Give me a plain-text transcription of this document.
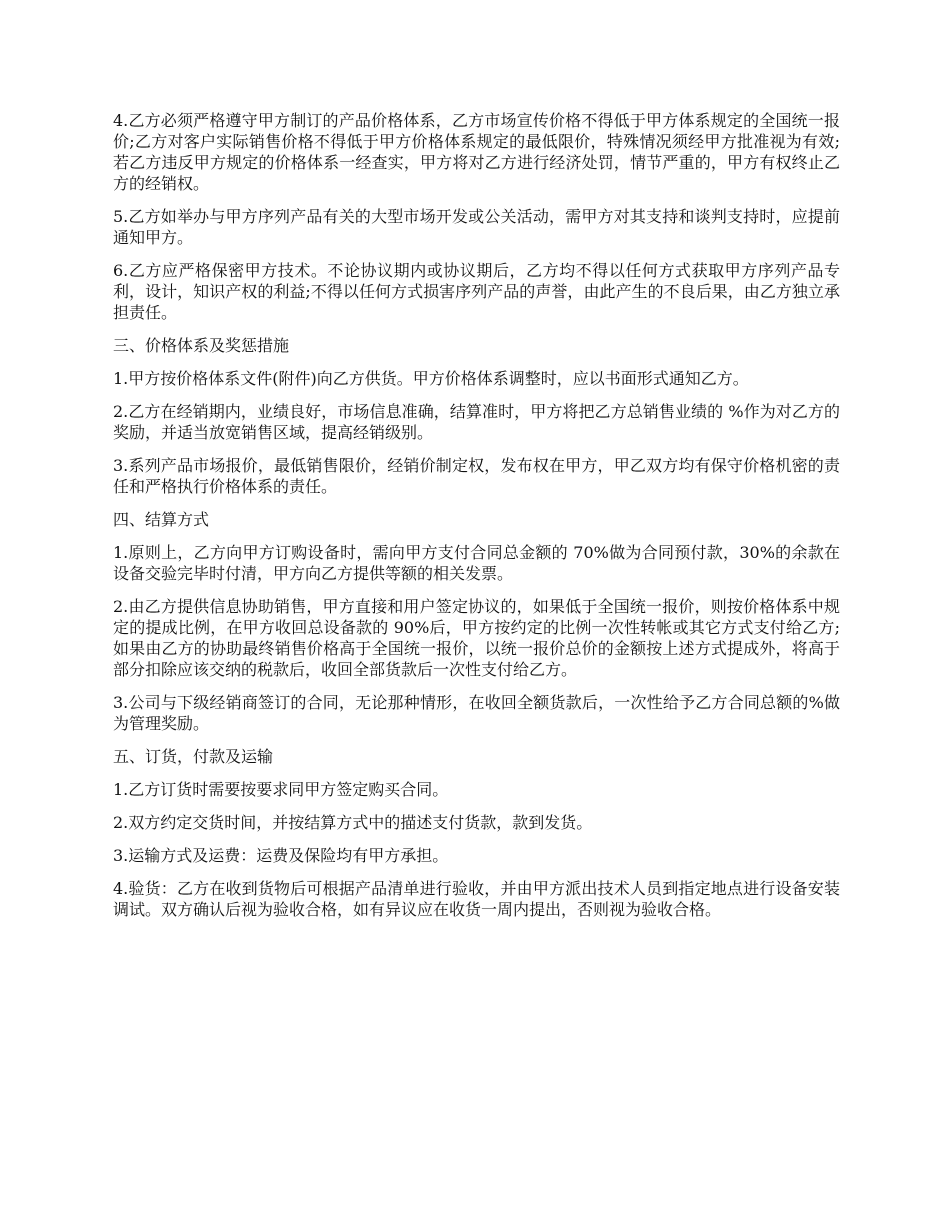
4.乙方必须严格遵守甲方制订的产品价格体系，乙方市场宣传价格不得低于甲方体系规定的全国统一报价;乙方对客户实际销售价格不得低于甲方价格体系规定的最低限价，特殊情况须经甲方批准视为有效;若乙方违反甲方规定的价格体系一经查实，甲方将对乙方进行经济处罚，情节严重的，甲方有权终止乙方的经销权。

5.乙方如举办与甲方序列产品有关的大型市场开发或公关活动，需甲方对其支持和谈判支持时，应提前通知甲方。

6.乙方应严格保密甲方技术。不论协议期内或协议期后，乙方均不得以任何方式获取甲方序列产品专利，设计，知识产权的利益;不得以任何方式损害序列产品的声誉，由此产生的不良后果，由乙方独立承担责任。

三、价格体系及奖惩措施

1.甲方按价格体系文件(附件)向乙方供货。甲方价格体系调整时，应以书面形式通知乙方。

2.乙方在经销期内，业绩良好，市场信息准确，结算准时，甲方将把乙方总销售业绩的 %作为对乙方的奖励，并适当放宽销售区域，提高经销级别。

3.系列产品市场报价，最低销售限价，经销价制定权，发布权在甲方，甲乙双方均有保守价格机密的责任和严格执行价格体系的责任。

四、结算方式

1.原则上，乙方向甲方订购设备时，需向甲方支付合同总金额的 70%做为合同预付款，30%的余款在设备交验完毕时付清，甲方向乙方提供等额的相关发票。

2.由乙方提供信息协助销售，甲方直接和用户签定协议的，如果低于全国统一报价，则按价格体系中规定的提成比例，在甲方收回总设备款的 90%后，甲方按约定的比例一次性转帐或其它方式支付给乙方;如果由乙方的协助最终销售价格高于全国统一报价，以统一报价总价的金额按上述方式提成外，将高于部分扣除应该交纳的税款后，收回全部货款后一次性支付给乙方。

3.公司与下级经销商签订的合同，无论那种情形，在收回全额货款后，一次性给予乙方合同总额的%做为管理奖励。

五、订货，付款及运输

1.乙方订货时需要按要求同甲方签定购买合同。

2.双方约定交货时间，并按结算方式中的描述支付货款，款到发货。

3.运输方式及运费：运费及保险均有甲方承担。

4.验货：乙方在收到货物后可根据产品清单进行验收，并由甲方派出技术人员到指定地点进行设备安装调试。双方确认后视为验收合格，如有异议应在收货一周内提出，否则视为验收合格。
